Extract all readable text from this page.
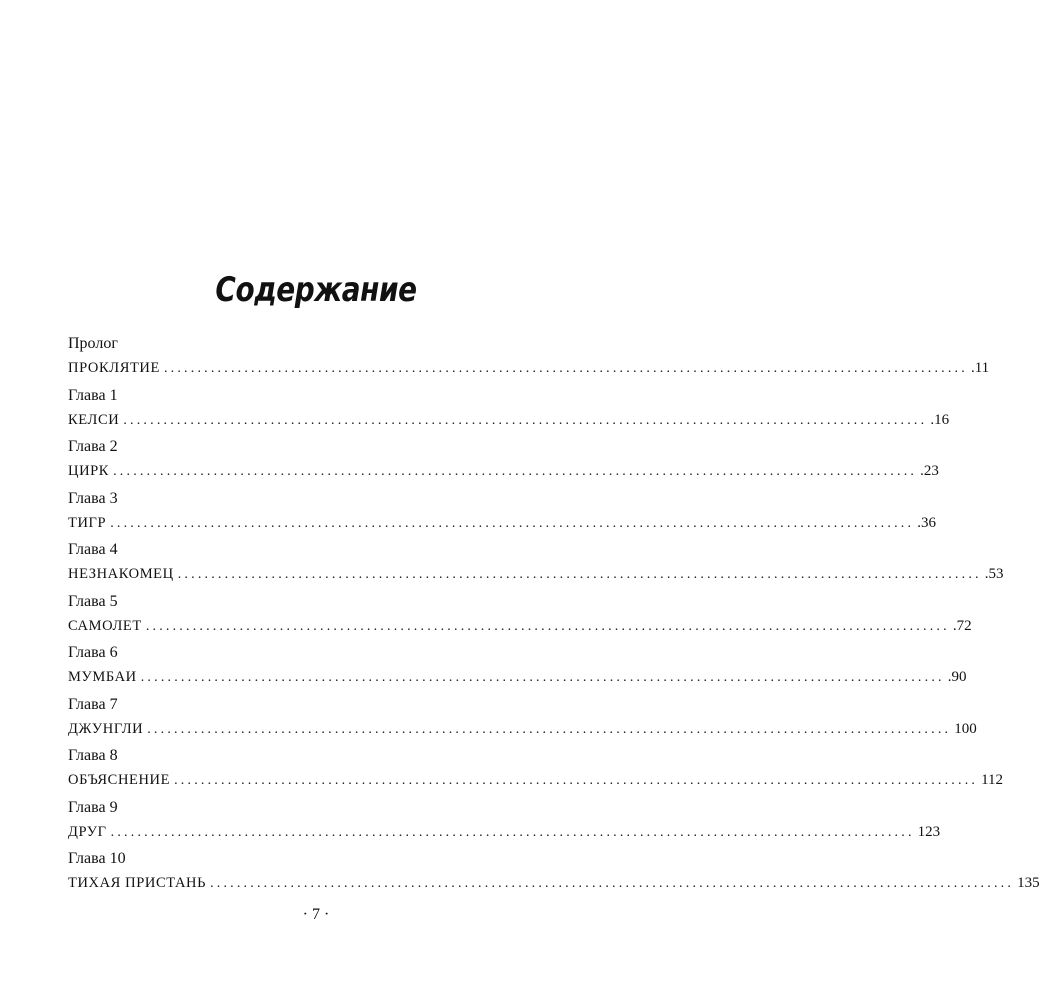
Содержание
Пролог
ПРОКЛЯТИЕ ........................................................................................................................ .11
Глава 1
КЕЛСИ ........................................................................................................................ .16
Глава 2
ЦИРК ........................................................................................................................ .23
Глава 3
ТИГР ........................................................................................................................ .36
Глава 4
НЕЗНАКОМЕЦ ........................................................................................................................ .53
Глава 5
САМОЛЕТ ........................................................................................................................ .72
Глава 6
МУМБАИ ........................................................................................................................ .90
Глава 7
ДЖУНГЛИ ........................................................................................................................ 100
Глава 8
ОБЪЯСНЕНИЕ ........................................................................................................................ 112
Глава 9
ДРУГ ........................................................................................................................ 123
Глава 10
ТИХАЯ ПРИСТАНЬ ........................................................................................................................ 135
· 7 ·
